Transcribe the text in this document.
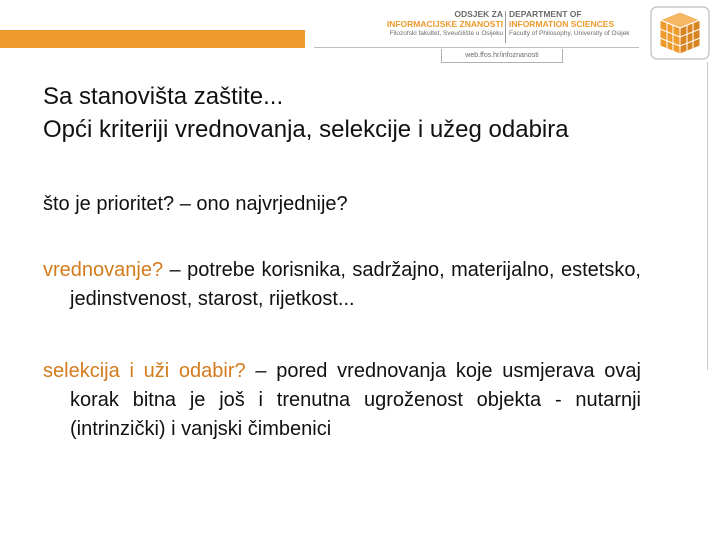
ODSJEK ZA
INFORMACIJSKE ZNANOSTI
Filozofski fakultet, Sveučilište u Osijeku
DEPARTMENT OF
INFORMATION SCIENCES
Faculty of Philosophy, University of Osijek
web.ffos.hr/infoznanosti
Sa stanovišta zaštite...
Opći kriteriji vrednovanja, selekcije i užeg odabira
što je prioritet? – ono najvrjednije?
vrednovanje? – potrebe korisnika, sadržajno, materijalno, estetsko, jedinstvenost, starost, rijetkost...
selekcija i uži odabir? – pored vrednovanja koje usmjerava ovaj korak bitna je još i trenutna ugroženost objekta - nutarnji (intrinzički) i vanjski čimbenici
